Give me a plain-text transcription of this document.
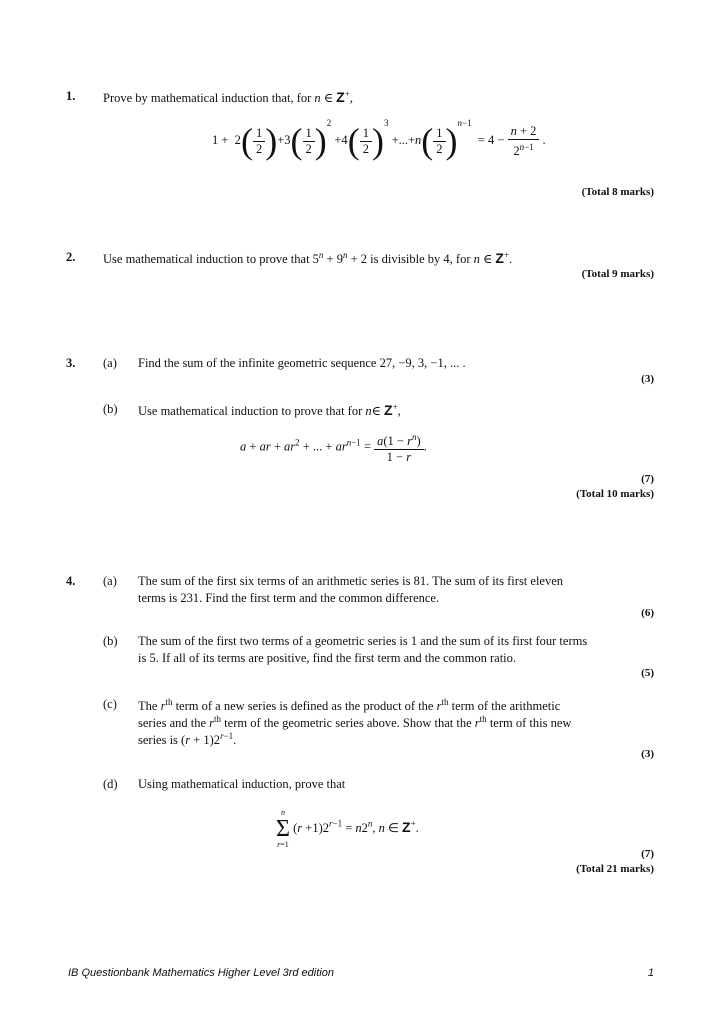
1. Prove by mathematical induction that, for n ∈ Z+,
$1 + 2( \frac{1}{2} )+3( \frac{1}{2} )^2 +4( \frac{1}{2} )^3 +...+n( \frac{1}{2} )^{n-1} = 4 - \frac{n + 2}{2^{n-1}}$ .
(Total 8 marks)
2. Use mathematical induction to prove that $5^n + 9^n + 2$ is divisible by 4, for n ∈ Z+.
(Total 9 marks)
3. (a) Find the sum of the infinite geometric sequence 27, −9, 3, −1, ... .
(3)
(b) Use mathematical induction to prove that for n∈ Z+,
a + ar + $ar^2$ + ... + $ar^{n-1} = \frac{a(1 - r^n)}{1 - r}$ .
(7)
(Total 10 marks)
4. (a) The sum of the first six terms of an arithmetic series is 81. The sum of its first eleven
terms is 231. Find the first term and the common difference.
(6)
(b) The sum of the first two terms of a geometric series is 1 and the sum of its first four terms
is 5. If all of its terms are positive, find the first term and the common ratio.
(5)
(c) The $r^{th}$ term of a new series is defined as the product of the $r^{th}$ term of the arithmetic
series and the $r^{th}$ term of the geometric series above. Show that the $r^{th}$ term of this new
series is $(r + 1)2^{r-1}$.
(3)
(d) Using mathematical induction, prove that
n
Σ
r=1
$(r +1)2^{r-1} = n2^n$, n ∈ Z+.
(7)
(Total 21 marks)
IB Questionbank Mathematics Higher Level 3rd edition	1
